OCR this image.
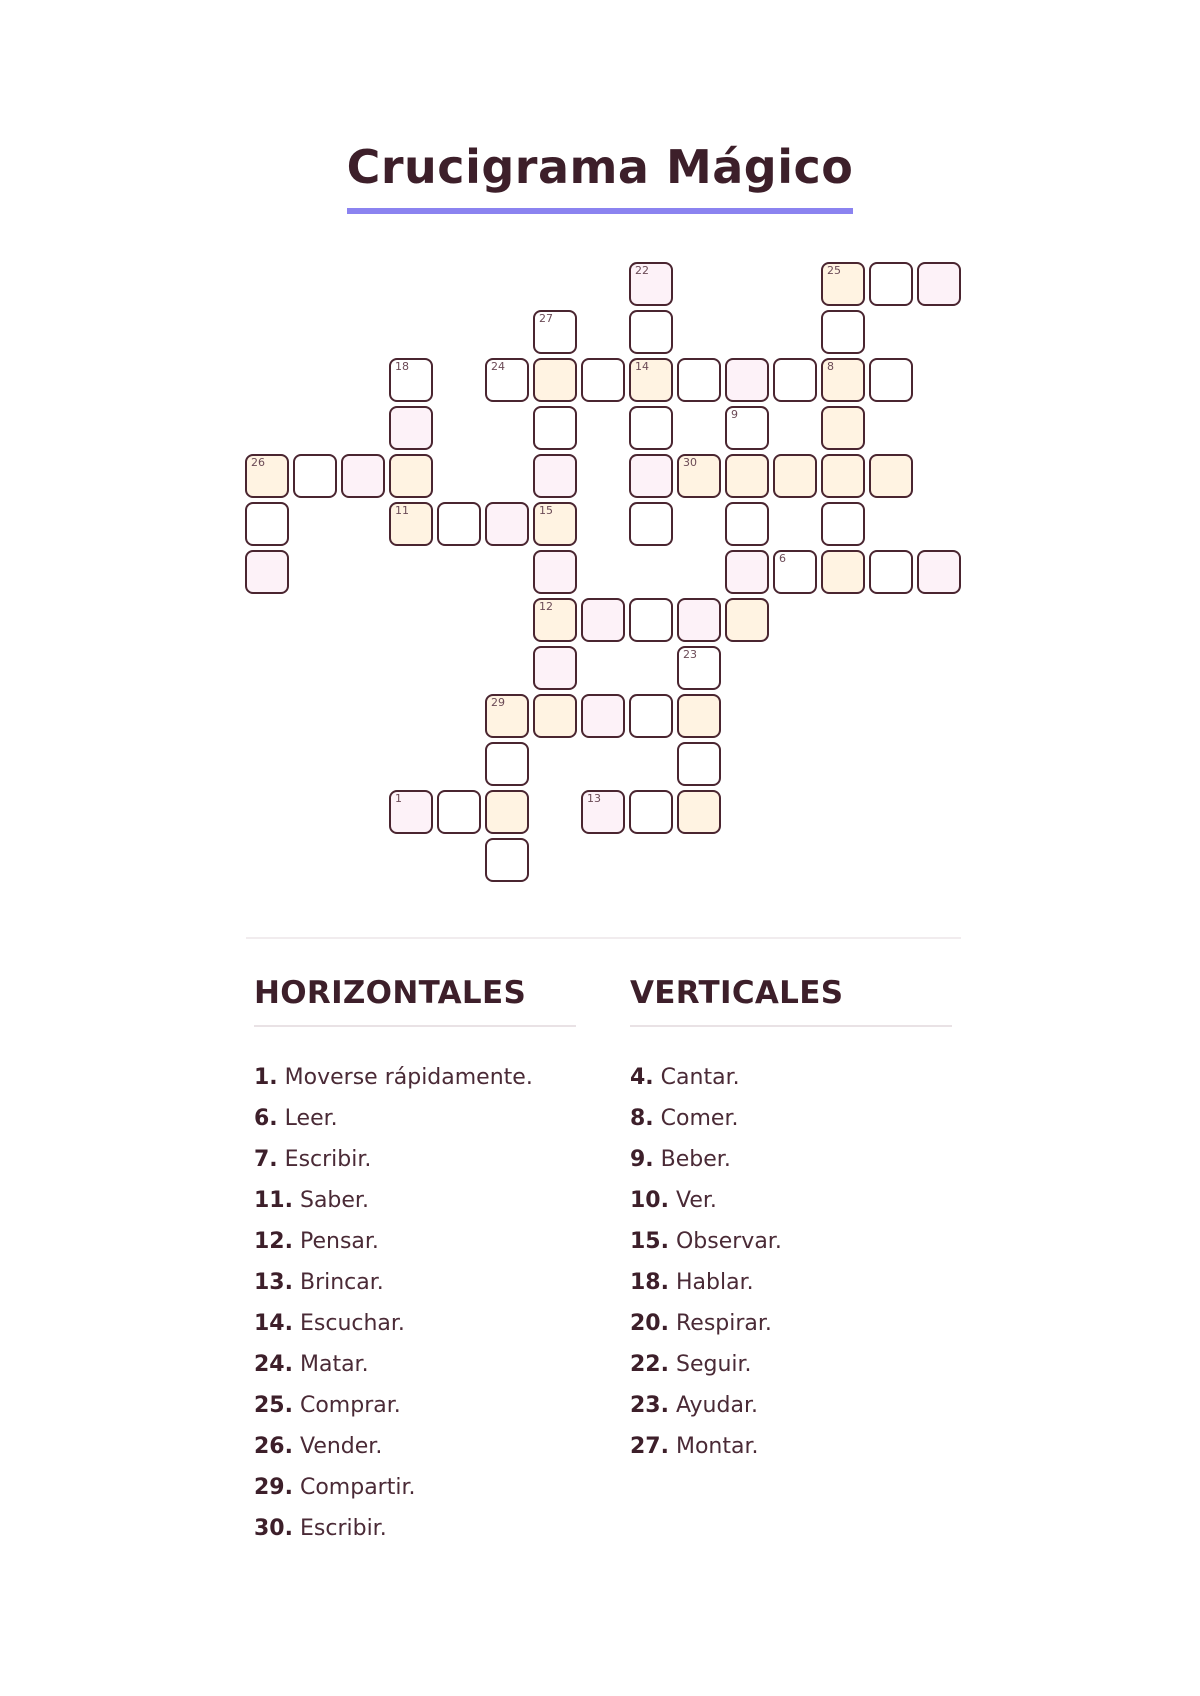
Crucigrama Mágico
22	25
27
18	24	14	8
9
26	30
11	15
6
12
23
29
1	13
HORIZONTALES
1. Moverse rápidamente.
6. Leer.
7. Escribir.
11. Saber.
12. Pensar.
13. Brincar.
14. Escuchar.
24. Matar.
25. Comprar.
26. Vender.
29. Compartir.
30. Escribir.
VERTICALES
4. Cantar.
8. Comer.
9. Beber.
10. Ver.
15. Observar.
18. Hablar.
20. Respirar.
22. Seguir.
23. Ayudar.
27. Montar.
